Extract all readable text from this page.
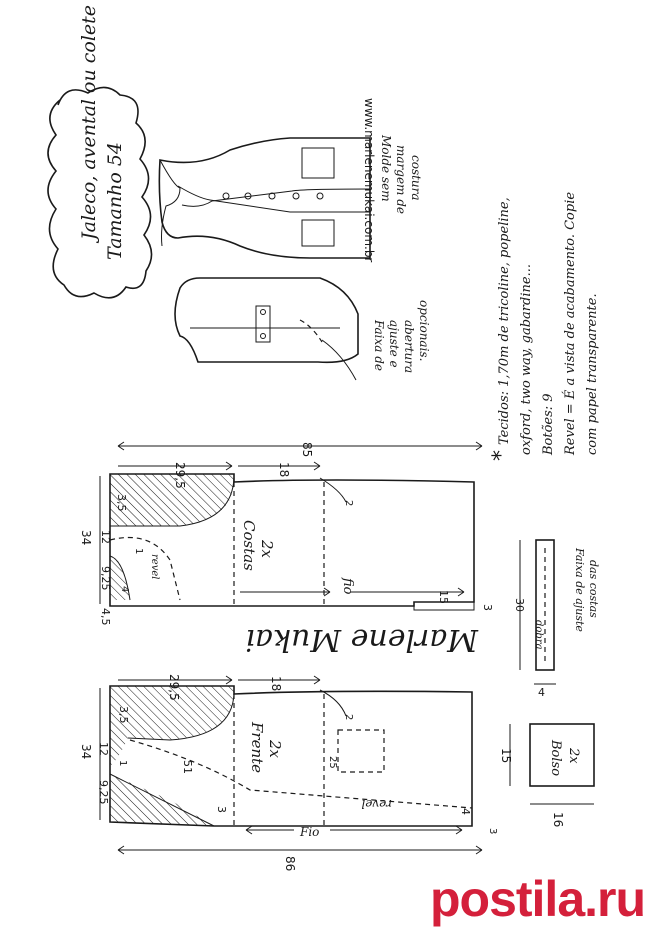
Jaleco, avental ou colete Tamanho 54	www.marlenemukai.com.br Molde sem margem de costura
Faixa de ajuste e abertura opcionais.
*
Tecidos: 1,70m de tricoline, popeline, oxford, two way, gabardine... Botões: 9 Revel = É a vista de acabamento. Copie com papel transparente.
Costas 2x
fio
revel
85
29,5	18
34 12
3,5
9,25
4,5
15
3
4
1
2
Marlene Mukai
Frente 2x
revel
Fio
86
29,5	18
34 12
3,5
9,25
51	25
3	4
1
2
3
30
dobra
4
Faixa de ajuste das costas
15
16
Bolso 2x
postila.ru
